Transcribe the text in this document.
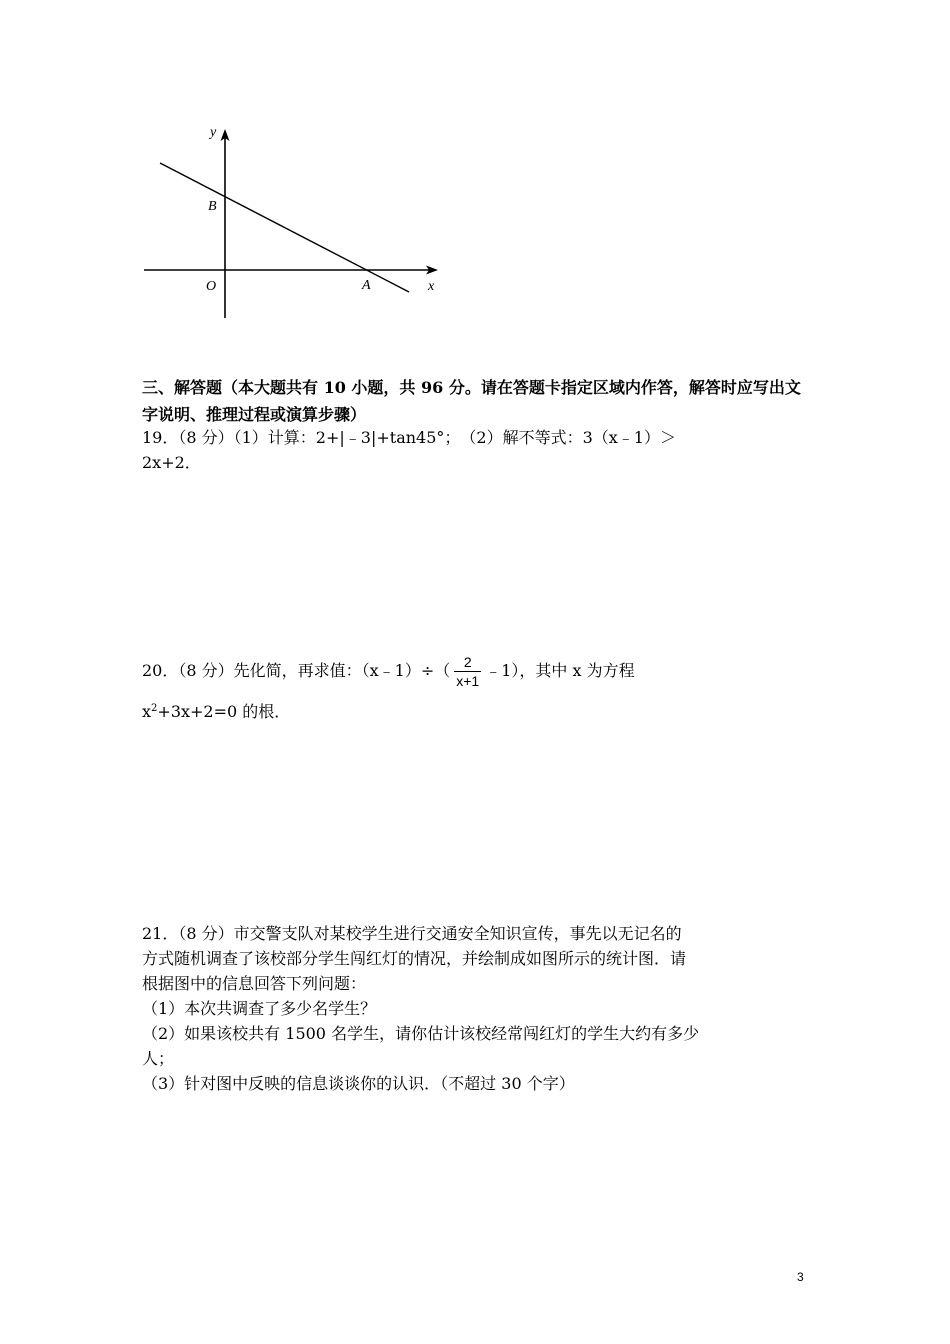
y
x
B
O	A
三、解答题（本大题共有 10 小题，共 96 分。请在答题卡指定区域内作答，解答时应写出文
字说明、推理过程或演算步骤）
19．（8 分）（1）计算：2+|﹣3|+tan45°；　（2）解不等式：3（x﹣1）＞
2x+2．
20．（8 分）先化简，再求值：（x﹣1）÷（ $\frac{2}{x+1}$ ﹣1），其中 x 为方程
$x^2+3x+2=0$ 的根．
21．（8 分）市交警支队对某校学生进行交通安全知识宣传，事先以无记名的
方式随机调查了该校部分学生闯红灯的情况，并绘制成如图所示的统计图．请
根据图中的信息回答下列问题：
（1）本次共调查了多少名学生？
（2）如果该校共有 1500 名学生，请你估计该校经常闯红灯的学生大约有多少
人；
（3）针对图中反映的信息谈谈你的认识．（不超过 30 个字）
3
